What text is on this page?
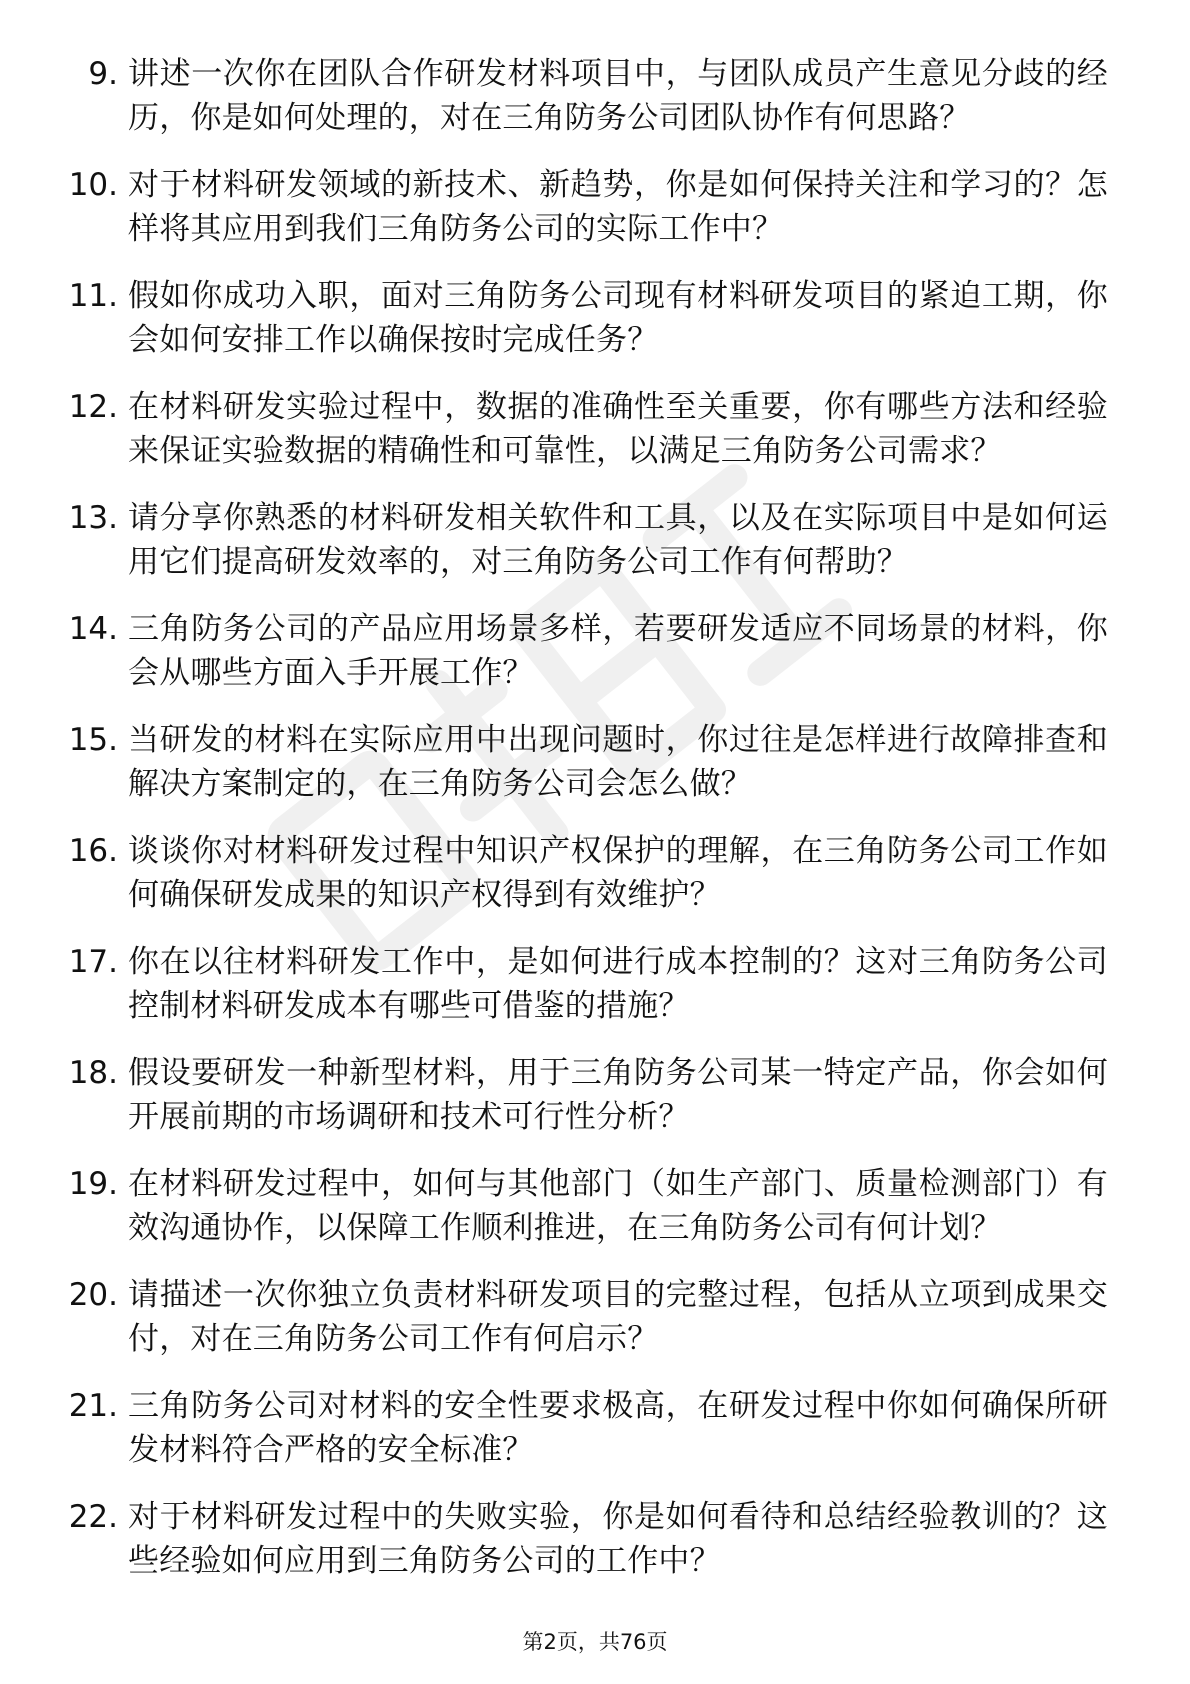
9. 讲述一次你在团队合作研发材料项目中，与团队成员产生意见分歧的经历，你是如何处理的，对在三角防务公司团队协作有何思路？
10. 对于材料研发领域的新技术、新趋势，你是如何保持关注和学习的？怎样将其应用到我们三角防务公司的实际工作中？
11. 假如你成功入职，面对三角防务公司现有材料研发项目的紧迫工期，你会如何安排工作以确保按时完成任务？
12. 在材料研发实验过程中，数据的准确性至关重要，你有哪些方法和经验来保证实验数据的精确性和可靠性，以满足三角防务公司需求？
13. 请分享你熟悉的材料研发相关软件和工具，以及在实际项目中是如何运用它们提高研发效率的，对三角防务公司工作有何帮助？
14. 三角防务公司的产品应用场景多样，若要研发适应不同场景的材料，你会从哪些方面入手开展工作？
15. 当研发的材料在实际应用中出现问题时，你过往是怎样进行故障排查和解决方案制定的，在三角防务公司会怎么做？
16. 谈谈你对材料研发过程中知识产权保护的理解，在三角防务公司工作如何确保研发成果的知识产权得到有效维护？
17. 你在以往材料研发工作中，是如何进行成本控制的？这对三角防务公司控制材料研发成本有哪些可借鉴的措施？
18. 假设要研发一种新型材料，用于三角防务公司某一特定产品，你会如何开展前期的市场调研和技术可行性分析？
19. 在材料研发过程中，如何与其他部门（如生产部门、质量检测部门）有效沟通协作，以保障工作顺利推进，在三角防务公司有何计划？
20. 请描述一次你独立负责材料研发项目的完整过程，包括从立项到成果交付，对在三角防务公司工作有何启示？
21. 三角防务公司对材料的安全性要求极高，在研发过程中你如何确保所研发材料符合严格的安全标准？
22. 对于材料研发过程中的失败实验，你是如何看待和总结经验教训的？这些经验如何应用到三角防务公司的工作中？
第2页，共76页
